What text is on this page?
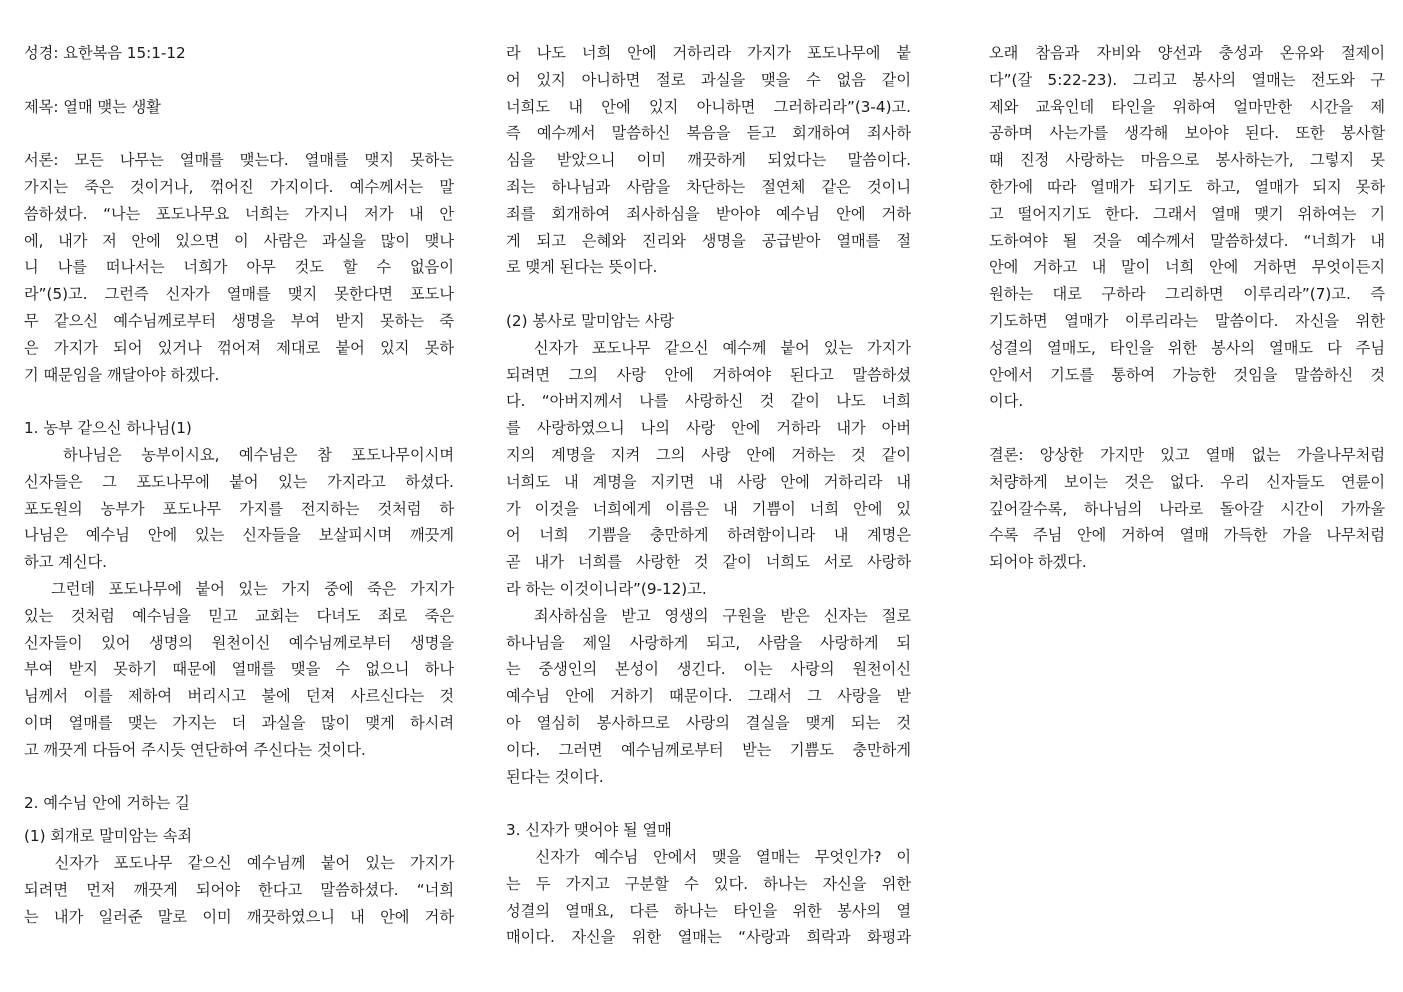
성경: 요한복음 15:1-12
제목: 열매 맺는 생활
서론: 모든 나무는 열매를 맺는다. 열매를 맺지 못하는
가지는 죽은 것이거나, 꺾어진 가지이다. 예수께서는 말
씀하셨다. “나는 포도나무요 너희는 가지니 저가 내 안
에, 내가 저 안에 있으면 이 사람은 과실을 많이 맺나
니 나를 떠나서는 너희가 아무 것도 할 수 없음이
라”(5)고. 그런즉 신자가 열매를 맺지 못한다면 포도나
무 같으신 예수님께로부터 생명을 부여 받지 못하는 죽
은 가지가 되어 있거나 꺾어져 제대로 붙어 있지 못하
기 때문임을 깨달아야 하겠다.
1. 농부 같으신 하나님(1)
하나님은 농부이시요, 예수님은 참 포도나무이시며
신자들은 그 포도나무에 붙어 있는 가지라고 하셨다.
포도원의 농부가 포도나무 가지를 전지하는 것처럼 하
나님은 예수님 안에 있는 신자들을 보살피시며 깨끗게
하고 계신다.
그런데 포도나무에 붙어 있는 가지 중에 죽은 가지가
있는 것처럼 예수님을 믿고 교회는 다녀도 죄로 죽은
신자들이 있어 생명의 원천이신 예수님께로부터 생명을
부여 받지 못하기 때문에 열매를 맺을 수 없으니 하나
님께서 이를 제하여 버리시고 불에 던져 사르신다는 것
이며 열매를 맺는 가지는 더 과실을 많이 맺게 하시려
고 깨끗게 다듬어 주시듯 연단하여 주신다는 것이다.
2. 예수님 안에 거하는 길
(1) 회개로 말미암는 속죄
신자가 포도나무 같으신 예수님께 붙어 있는 가지가
되려면 먼저 깨끗게 되어야 한다고 말씀하셨다. “너희
는 내가 일러준 말로 이미 깨끗하였으니 내 안에 거하
라 나도 너희 안에 거하리라 가지가 포도나무에 붙
어 있지 아니하면 절로 과실을 맺을 수 없음 같이
너희도 내 안에 있지 아니하면 그러하리라”(3-4)고.
즉 예수께서 말씀하신 복음을 듣고 회개하여 죄사하
심을 받았으니 이미 깨끗하게 되었다는 말씀이다.
죄는 하나님과 사람을 차단하는 절연체 같은 것이니
죄를 회개하여 죄사하심을 받아야 예수님 안에 거하
게 되고 은혜와 진리와 생명을 공급받아 열매를 절
로 맺게 된다는 뜻이다.
(2) 봉사로 말미암는 사랑
신자가 포도나무 같으신 예수께 붙어 있는 가지가
되려면 그의 사랑 안에 거하여야 된다고 말씀하셨
다. “아버지께서 나를 사랑하신 것 같이 나도 너희
를 사랑하였으니 나의 사랑 안에 거하라 내가 아버
지의 계명을 지켜 그의 사랑 안에 거하는 것 같이
너희도 내 계명을 지키면 내 사랑 안에 거하리라 내
가 이것을 너희에게 이름은 내 기쁨이 너희 안에 있
어 너희 기쁨을 충만하게 하려함이니라 내 계명은
곧 내가 너희를 사랑한 것 같이 너희도 서로 사랑하
라 하는 이것이니라”(9-12)고.
죄사하심을 받고 영생의 구원을 받은 신자는 절로
하나님을 제일 사랑하게 되고, 사람을 사랑하게 되
는 중생인의 본성이 생긴다. 이는 사랑의 원천이신
예수님 안에 거하기 때문이다. 그래서 그 사랑을 받
아 열심히 봉사하므로 사랑의 결실을 맺게 되는 것
이다. 그러면 예수님께로부터 받는 기쁨도 충만하게
된다는 것이다.
3. 신자가 맺어야 될 열매
신자가 예수님 안에서 맺을 열매는 무엇인가? 이
는 두 가지고 구분할 수 있다. 하나는 자신을 위한
성결의 열매요, 다른 하나는 타인을 위한 봉사의 열
매이다. 자신을 위한 열매는 “사랑과 희락과 화평과
오래 참음과 자비와 양선과 충성과 온유와 절제이
다”(갈 5:22-23). 그리고 봉사의 열매는 전도와 구
제와 교육인데 타인을 위하여 얼마만한 시간을 제
공하며 사는가를 생각해 보아야 된다. 또한 봉사할
때 진정 사랑하는 마음으로 봉사하는가, 그렇지 못
한가에 따라 열매가 되기도 하고, 열매가 되지 못하
고 떨어지기도 한다. 그래서 열매 맺기 위하여는 기
도하여야 될 것을 예수께서 말씀하셨다. “너희가 내
안에 거하고 내 말이 너희 안에 거하면 무엇이든지
원하는 대로 구하라 그리하면 이루리라”(7)고. 즉
기도하면 열매가 이루리라는 말씀이다. 자신을 위한
성결의 열매도, 타인을 위한 봉사의 열매도 다 주님
안에서 기도를 통하여 가능한 것임을 말씀하신 것
이다.
결론: 앙상한 가지만 있고 열매 없는 가을나무처럼
처량하게 보이는 것은 없다. 우리 신자들도 연륜이
깊어갈수록, 하나님의 나라로 돌아갈 시간이 가까울
수록 주님 안에 거하여 열매 가득한 가을 나무처럼
되어야 하겠다.
